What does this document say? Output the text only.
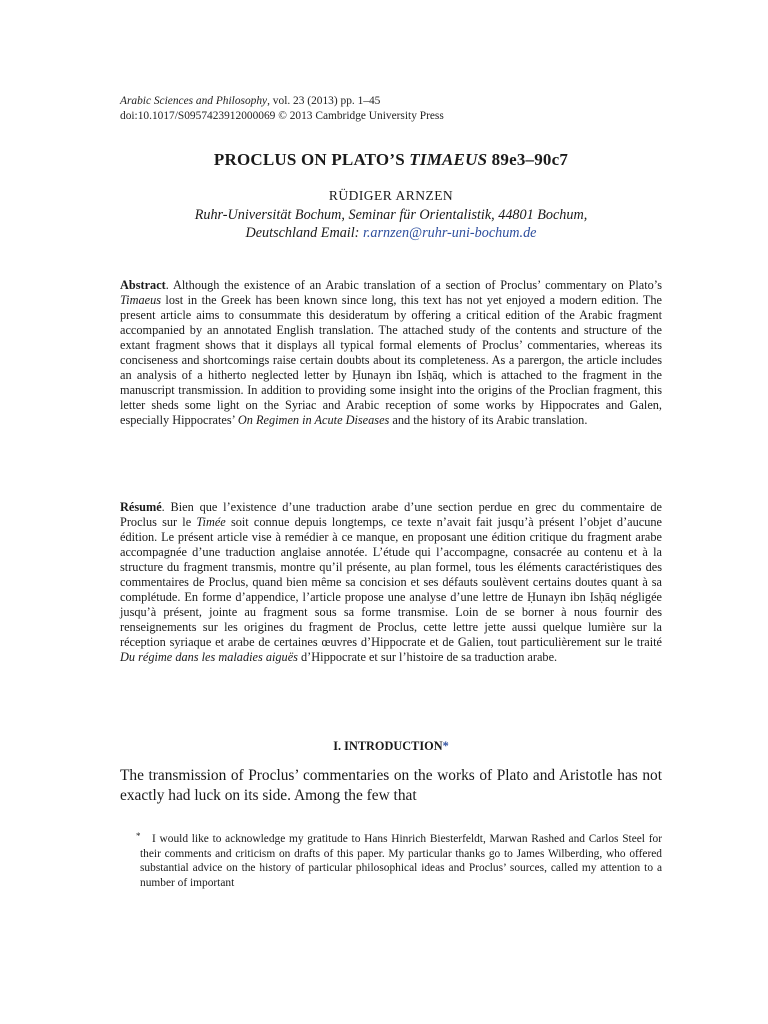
Arabic Sciences and Philosophy, vol. 23 (2013) pp. 1–45
doi:10.1017/S0957423912000069 © 2013 Cambridge University Press
PROCLUS ON PLATO’S TIMAEUS 89e3–90c7
RÜDIGER ARNZEN
Ruhr-Universität Bochum, Seminar für Orientalistik, 44801 Bochum,
Deutschland Email: r.arnzen@ruhr-uni-bochum.de
Abstract. Although the existence of an Arabic translation of a section of Proclus’ commentary on Plato’s Timaeus lost in the Greek has been known since long, this text has not yet enjoyed a modern edition. The present article aims to consummate this desideratum by offering a critical edition of the Arabic fragment accompanied by an annotated English translation. The attached study of the contents and structure of the extant fragment shows that it displays all typical formal elements of Proclus’ commentaries, whereas its conciseness and shortcomings raise certain doubts about its completeness. As a parergon, the article includes an analysis of a hitherto neglected letter by Ḥunayn ibn Isḥāq, which is attached to the fragment in the manuscript transmission. In addition to providing some insight into the origins of the Proclian fragment, this letter sheds some light on the Syriac and Arabic reception of some works by Hippocrates and Galen, especially Hippocrates’ On Regimen in Acute Diseases and the history of its Arabic translation.
Résumé. Bien que l’existence d’une traduction arabe d’une section perdue en grec du commentaire de Proclus sur le Timée soit connue depuis longtemps, ce texte n’avait fait jusqu’à présent l’objet d’aucune édition. Le présent article vise à remédier à ce manque, en proposant une édition critique du fragment arabe accompagnée d’une traduction anglaise annotée. L’étude qui l’accompagne, consacrée au contenu et à la structure du fragment transmis, montre qu’il présente, au plan formel, tous les éléments caractéristiques des commentaires de Proclus, quand bien même sa concision et ses défauts soulèvent certains doutes quant à sa complétude. En forme d’appendice, l’article propose une analyse d’une lettre de Ḥunayn ibn Isḥāq négligée jusqu’à présent, jointe au fragment sous sa forme transmise. Loin de se borner à nous fournir des renseignements sur les origines du fragment de Proclus, cette lettre jette aussi quelque lumière sur la réception syriaque et arabe de certaines œuvres d’Hippocrate et de Galien, tout particulièrement sur le traité Du régime dans les maladies aiguës d’Hippocrate et sur l’histoire de sa traduction arabe.
I. INTRODUCTION*
The transmission of Proclus’ commentaries on the works of Plato and Aristotle has not exactly had luck on its side. Among the few that
*	I would like to acknowledge my gratitude to Hans Hinrich Biesterfeldt, Marwan Rashed and Carlos Steel for their comments and criticism on drafts of this paper. My particular thanks go to James Wilberding, who offered substantial advice on the history of particular philosophical ideas and Proclus’ sources, called my attention to a number of important
